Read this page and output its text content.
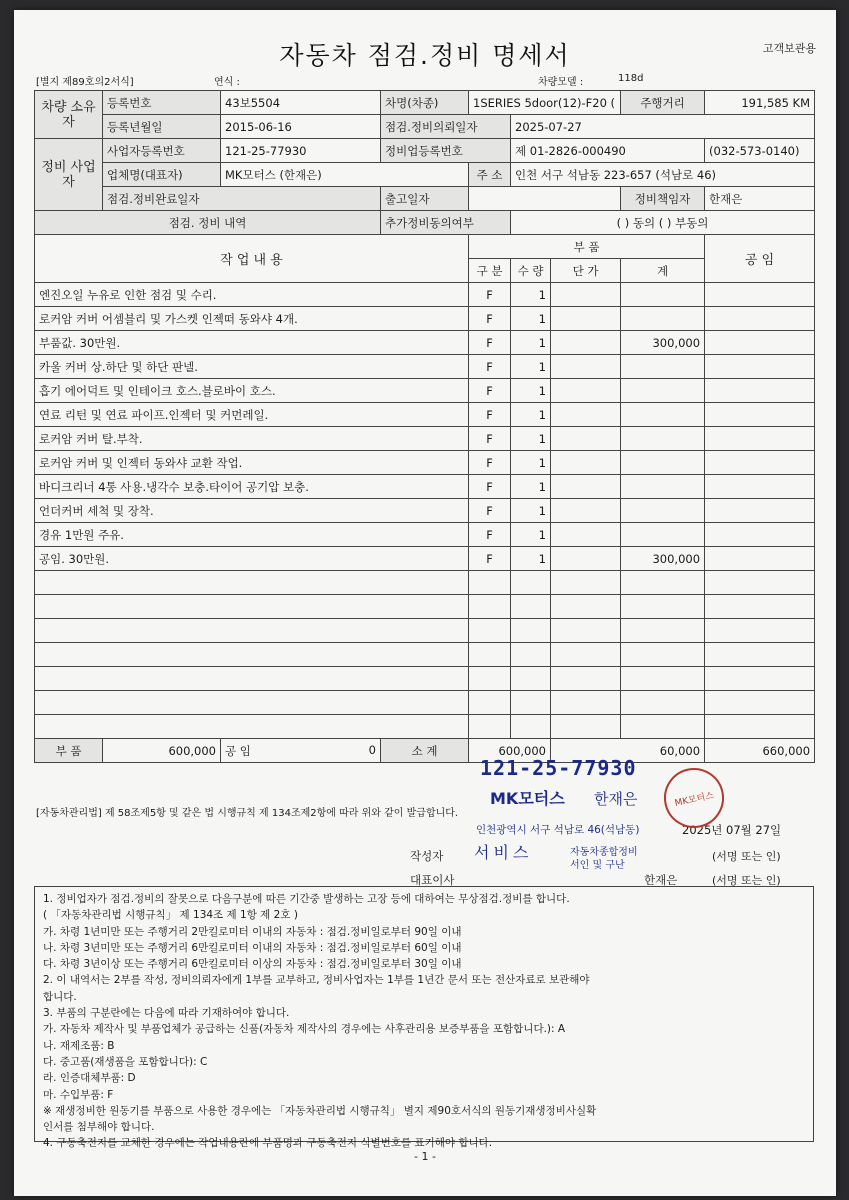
자동차 점검.정비 명세서	고객보관용
[별지 제89호의2서식]	연식 :	차량모델 :	118d
차량 소유자	등록번호	43보5504	차명(차종)	1SERIES 5door(12)-F20 (			주행거리	191,585 KM
	등록년월일	2015-06-16	점검.정비의뢰일자		2025-07-27			
정비 사업자	사업자등록번호	121-25-77930	정비업등록번호		제 01-2826-000490			(032-573-0140)
	업체명(대표자)	MK모터스 (한재은)		주 소	인천 서구 석남동 223-657 (석남로 46)			
	점검.정비완료일자		출고일자				정비책임자	한재은
점검. 정비 내역			추가정비동의여부		( ) 동의 ( ) 부동의			
작 업 내 용				부 품				공 임
				구 분	수 량	단 가	계	
엔진오일 누유로 인한 점검 및 수리.				F	1			
로커암 커버 어셈블리 및 가스켓 인젝떠 동와샤 4개.				F	1			
부품값. 30만원.				F	1		300,000	
카울 커버 상.하단 및 하단 판넬.				F	1			
흡기 에어덕트 및 인테이크 호스.블로바이 호스.				F	1			
연료 리턴 및 연료 파이프.인젝터 및 커먼레일.				F	1			
로커암 커버 탈.부착.				F	1			
로커암 커버 및 인젝터 동와샤 교환 작업.				F	1			
바디크리너 4통 사용.냉각수 보충.타이어 공기압 보충.				F	1			
언더커버 세척 및 장착.				F	1			
경유 1만원 주유.				F	1			
공임. 30만원.				F	1		300,000	

부 품	600,000	공 임 0	소 계	600,000		60,000		660,000
[자동차관리법] 제 58조제5항 및 같은 법 시행규칙 제 134조제2항에 따라 위와 같이 발급합니다.
121-25-77930
MK모터스 한재은
인천광역시 서구 석남로 46(석남동)	2025년 07월 27일
MK모터스
작성자 서비스	자동차종합정비 서인 및 구난
(서명 또는 인)
대표이사	한재은	(서명 또는 인)
1. 정비업자가 점검.정비의 잘못으로 다음구분에 따른 기간중 발생하는 고장 등에 대하여는 무상점검.정비를 합니다.
( 「자동차관리법 시행규칙」 제 134조 제 1항 제 2호 )
가. 차령 1년미만 또는 주행거리 2만킬로미터 이내의 자동차 : 점검.정비일로부터 90일 이내
나. 차령 3년미만 또는 주행거리 6만킬로미터 이내의 자동차 : 점검.정비일로부터 60일 이내
다. 차령 3년이상 또는 주행거리 6만킬로미터 이상의 자동차 : 점검.정비일로부터 30일 이내
2. 이 내역서는 2부를 작성, 정비의뢰자에게 1부를 교부하고, 정비사업자는 1부를 1년간 문서 또는 전산자료로 보관해야
합니다.
3. 부품의 구분란에는 다음에 따라 기재하여야 합니다.
가. 자동차 제작사 및 부품업체가 공급하는 신품(자동차 제작사의 경우에는 사후관리용 보증부품을 포함합니다.): A
나. 재제조품: B
다. 중고품(재생품을 포함합니다): C
라. 인증대체부품: D
마. 수입부품: F
※ 재생정비한 원동기를 부품으로 사용한 경우에는 「자동차관리법 시행규칙」 별지 제90호서식의 원동기재생정비사실확
인서를 첨부해야 합니다.
4. 구동축전지를 교체한 경우에는 작업내용란에 부품명과 구동축전지 식별번호를 표기해야 합니다.
- 1 -
